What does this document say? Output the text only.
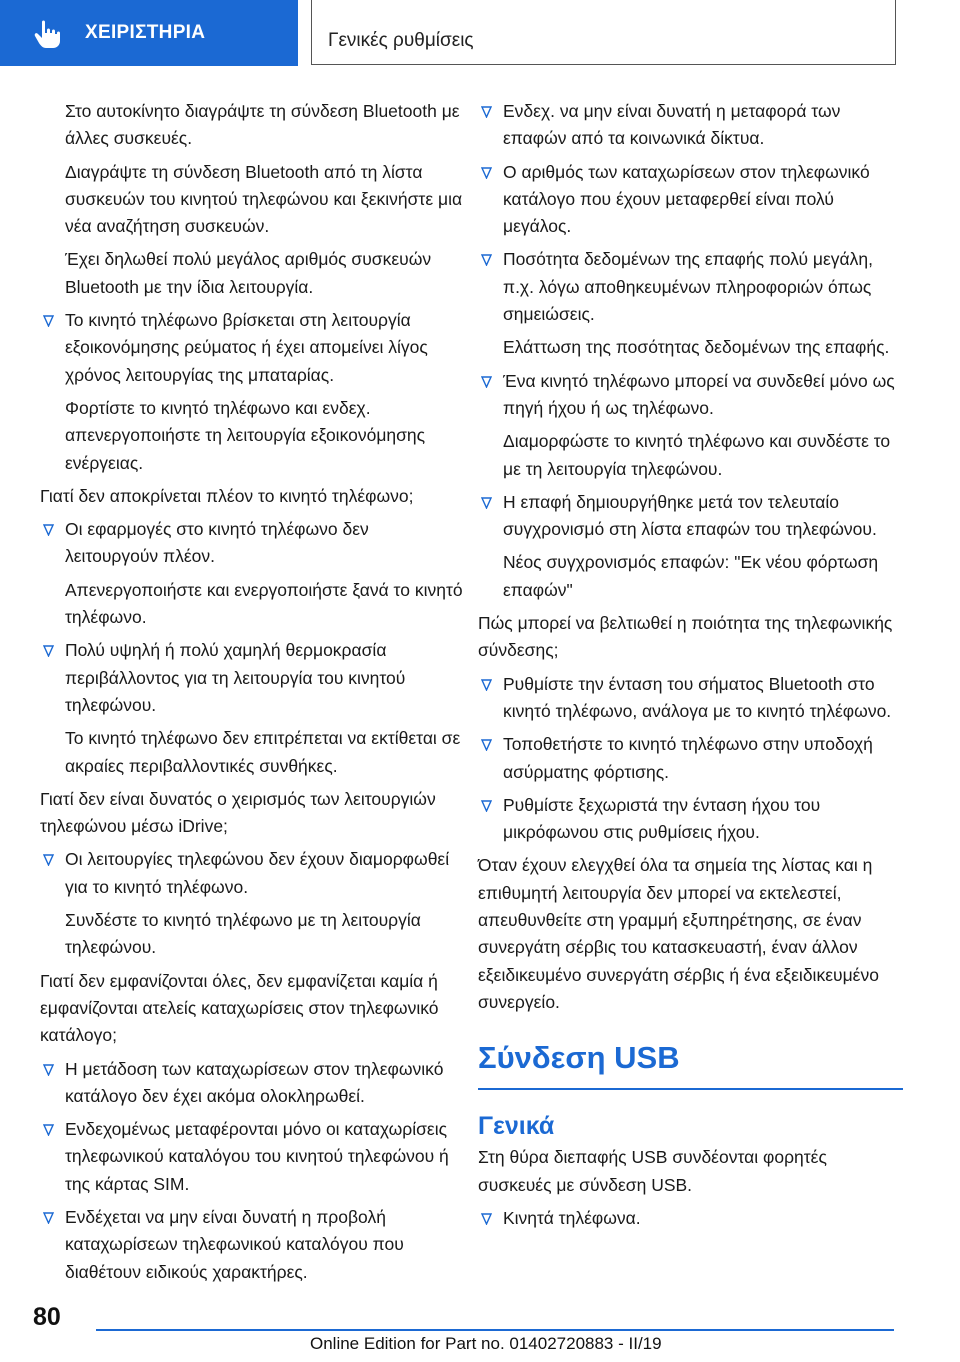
ΧΕΙΡΙΣΤΗΡΙΑ	Γενικές ρυθμίσεις

Στο αυτοκίνητο διαγράψτε τη σύνδεση Bluetooth με άλλες συσκευές.

Διαγράψτε τη σύνδεση Bluetooth από τη λίστα συσκευών του κινητού τηλεφώνου και ξεκινήστε μια νέα αναζήτηση συσκευών.

Έχει δηλωθεί πολύ μεγάλος αριθμός συσκευών Bluetooth με την ίδια λειτουργία.

Το κινητό τηλέφωνο βρίσκεται στη λειτουργία εξοικονόμησης ρεύματος ή έχει απομείνει λίγος χρόνος λειτουργίας της μπαταρίας.

Φορτίστε το κινητό τηλέφωνο και ενδεχ. απενεργοποιήστε τη λειτουργία εξοικονόμησης ενέργειας.

Γιατί δεν αποκρίνεται πλέον το κινητό τηλέφωνο;

Οι εφαρμογές στο κινητό τηλέφωνο δεν λειτουργούν πλέον.

Απενεργοποιήστε και ενεργοποιήστε ξανά το κινητό τηλέφωνο.

Πολύ υψηλή ή πολύ χαμηλή θερμοκρασία περιβάλλοντος για τη λειτουργία του κινητού τηλεφώνου.

Το κινητό τηλέφωνο δεν επιτρέπεται να εκτίθεται σε ακραίες περιβαλλοντικές συνθήκες.

Γιατί δεν είναι δυνατός ο χειρισμός των λειτουργιών τηλεφώνου μέσω iDrive;

Οι λειτουργίες τηλεφώνου δεν έχουν διαμορφωθεί για το κινητό τηλέφωνο.

Συνδέστε το κινητό τηλέφωνο με τη λειτουργία τηλεφώνου.

Γιατί δεν εμφανίζονται όλες, δεν εμφανίζεται καμία ή εμφανίζονται ατελείς καταχωρίσεις στον τηλεφωνικό κατάλογο;

Η μετάδοση των καταχωρίσεων στον τηλεφωνικό κατάλογο δεν έχει ακόμα ολοκληρωθεί.
Ενδεχομένως μεταφέρονται μόνο οι καταχωρίσεις τηλεφωνικού καταλόγου του κινητού τηλεφώνου ή της κάρτας SIM.
Ενδέχεται να μην είναι δυνατή η προβολή καταχωρίσεων τηλεφωνικού καταλόγου που διαθέτουν ειδικούς χαρακτήρες.
Ενδεχ. να μην είναι δυνατή η μεταφορά των επαφών από τα κοινωνικά δίκτυα.
Ο αριθμός των καταχωρίσεων στον τηλεφωνικό κατάλογο που έχουν μεταφερθεί είναι πολύ μεγάλος.
Ποσότητα δεδομένων της επαφής πολύ μεγάλη, π.χ. λόγω αποθηκευμένων πληροφοριών όπως σημειώσεις.

Ελάττωση της ποσότητας δεδομένων της επαφής.

Ένα κινητό τηλέφωνο μπορεί να συνδεθεί μόνο ως πηγή ήχου ή ως τηλέφωνο.

Διαμορφώστε το κινητό τηλέφωνο και συνδέστε το με τη λειτουργία τηλεφώνου.

Η επαφή δημιουργήθηκε μετά τον τελευταίο συγχρονισμό στη λίστα επαφών του τηλεφώνου.

Νέος συγχρονισμός επαφών: "Εκ νέου φόρτωση επαφών"

Πώς μπορεί να βελτιωθεί η ποιότητα της τηλεφωνικής σύνδεσης;

Ρυθμίστε την ένταση του σήματος Bluetooth στο κινητό τηλέφωνο, ανάλογα με το κινητό τηλέφωνο.
Τοποθετήστε το κινητό τηλέφωνο στην υποδοχή ασύρματης φόρτισης.
Ρυθμίστε ξεχωριστά την ένταση ήχου του μικρόφωνου στις ρυθμίσεις ήχου.

Όταν έχουν ελεγχθεί όλα τα σημεία της λίστας και η επιθυμητή λειτουργία δεν μπορεί να εκτελεστεί, απευθυνθείτε στη γραμμή εξυπηρέτησης, σε έναν συνεργάτη σέρβις του κατασκευαστή, έναν άλλον εξειδικευμένο συνεργάτη σέρβις ή ένα εξειδικευμένο συνεργείο.

Σύνδεση USB
Γενικά

Στη θύρα διεπαφής USB συνδέονται φορητές συσκευές με σύνδεση USB.

Κινητά τηλέφωνα.
80
Online Edition for Part no. 01402720883 - II/19
